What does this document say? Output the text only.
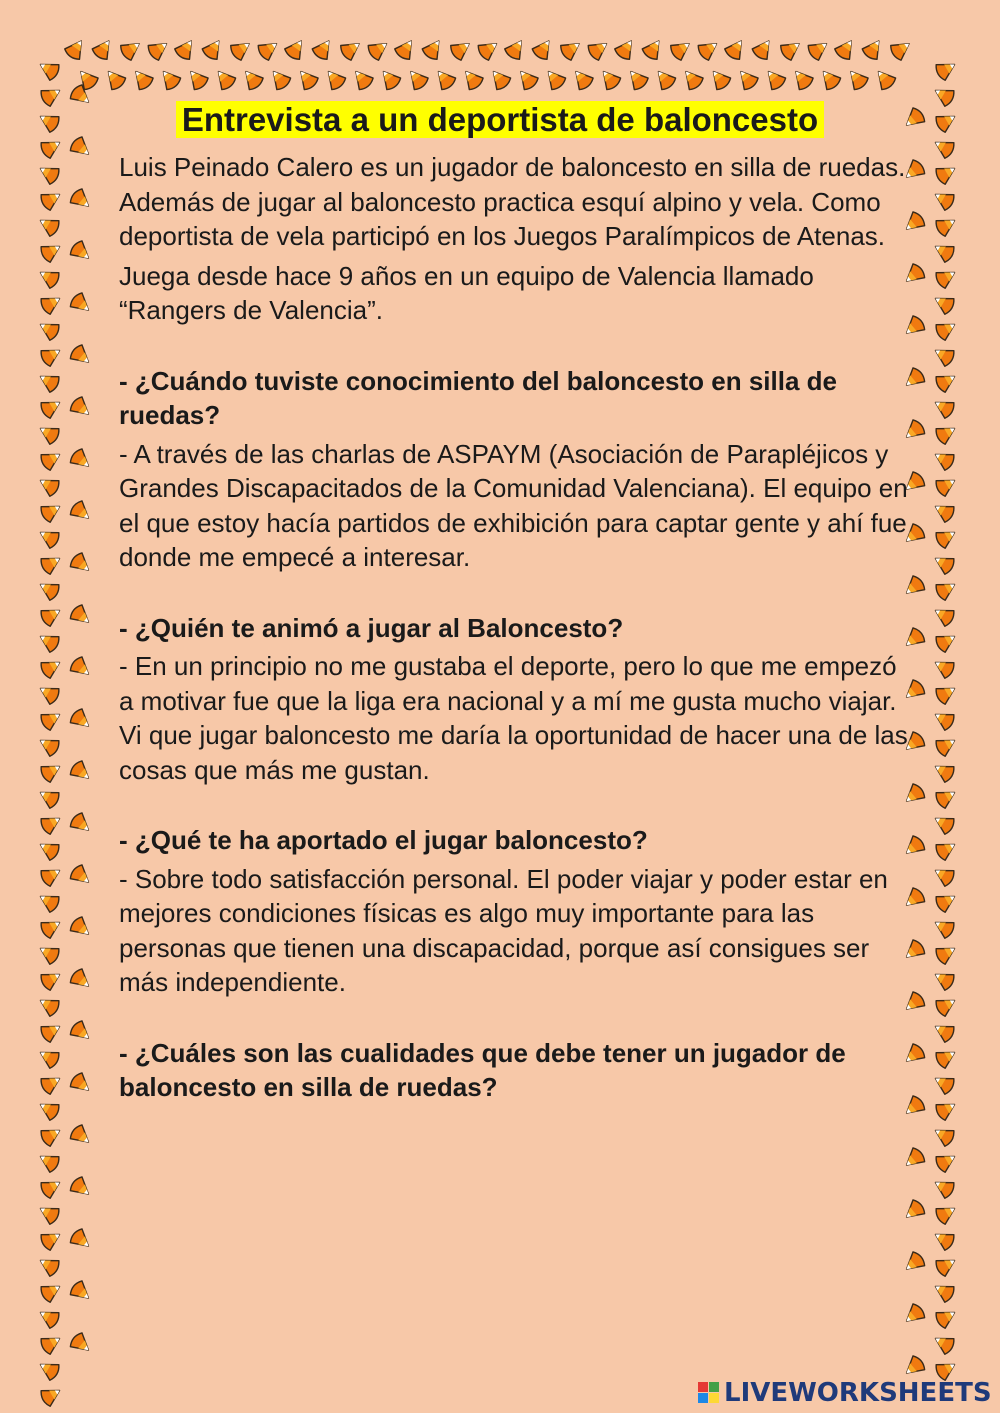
Entrevista a un deportista de baloncesto

Luis Peinado Calero es un jugador de baloncesto en silla de ruedas. Además de jugar al baloncesto practica esquí alpino y vela. Como deportista de vela participó en los Juegos Paralímpicos de Atenas.

Juega desde hace 9 años en un equipo de Valencia llamado “Rangers de Valencia”.

- ¿Cuándo tuviste conocimiento del baloncesto en silla de ruedas?

- A través de las charlas de ASPAYM (Asociación de Parapléjicos y Grandes Discapacitados de la Comunidad Valenciana). El equipo en el que estoy hacía partidos de exhibición para captar gente y ahí fue donde me empecé a interesar.

- ¿Quién te animó a jugar al Baloncesto?

- En un principio no me gustaba el deporte, pero lo que me empezó a motivar fue que la liga era nacional y a mí me gusta mucho viajar. Vi que jugar baloncesto me daría la oportunidad de hacer una de las cosas que más me gustan.

- ¿Qué te ha aportado el jugar baloncesto?

- Sobre todo satisfacción personal. El poder viajar y poder estar en mejores condiciones físicas es algo muy importante para las personas que tienen una discapacidad, porque así consigues ser más independiente.

- ¿Cuáles son las cualidades que debe tener un jugador de baloncesto en silla de ruedas?

LIVEWORKSHEETS
